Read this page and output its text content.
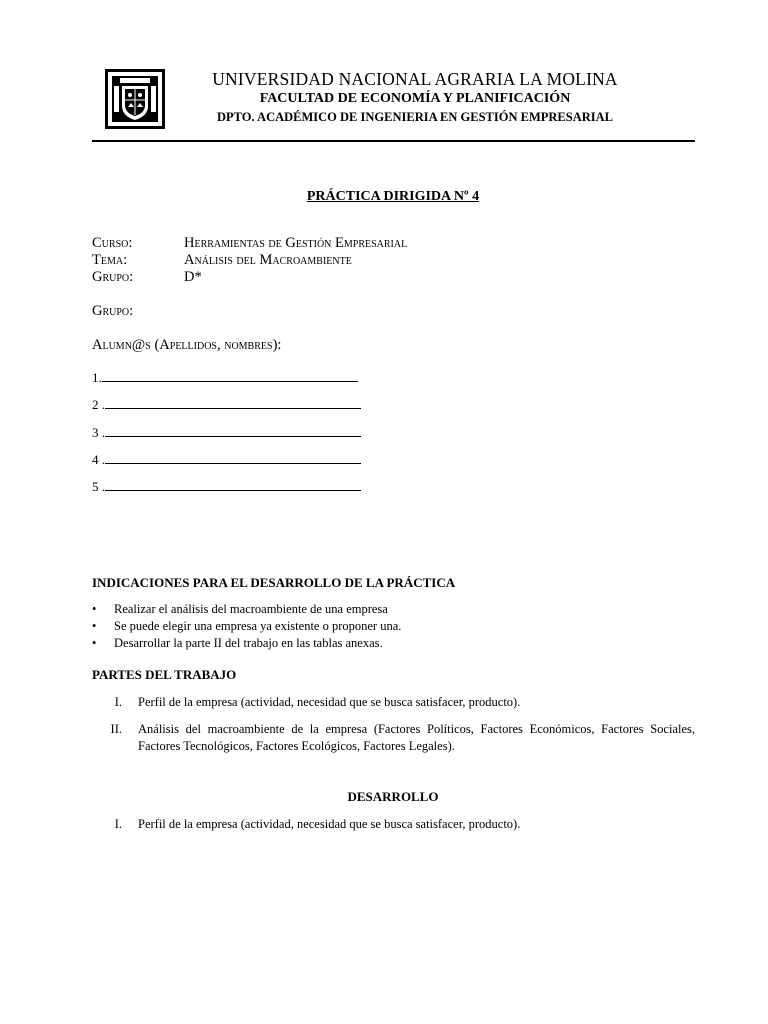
UNIVERSIDAD NACIONAL AGRARIA LA MOLINA
FACULTAD DE ECONOMÍA Y PLANIFICACIÓN
DPTO. ACADÉMICO DE INGENIERIA EN GESTIÓN EMPRESARIAL
PRÁCTICA DIRIGIDA Nº 4
Curso:	Herramientas de Gestión Empresarial
Tema:	Análisis del Macroambiente
Grupo:	D*
Grupo:
Alumn@s (Apellidos, nombres):
1.
2 .
3 .
4 .
5 .
INDICACIONES PARA EL DESARROLLO DE LA PRÁCTICA
• Realizar el análisis del macroambiente de una empresa
• Se puede elegir una empresa ya existente o proponer una.
• Desarrollar la parte II del trabajo en las tablas anexas.
PARTES DEL TRABAJO
I. Perfil de la empresa (actividad, necesidad que se busca satisfacer, producto).
II. Análisis del macroambiente de la empresa (Factores Políticos, Factores Económicos, Factores Sociales, Factores Tecnológicos, Factores Ecológicos, Factores Legales).
DESARROLLO
I. Perfil de la empresa (actividad, necesidad que se busca satisfacer, producto).
